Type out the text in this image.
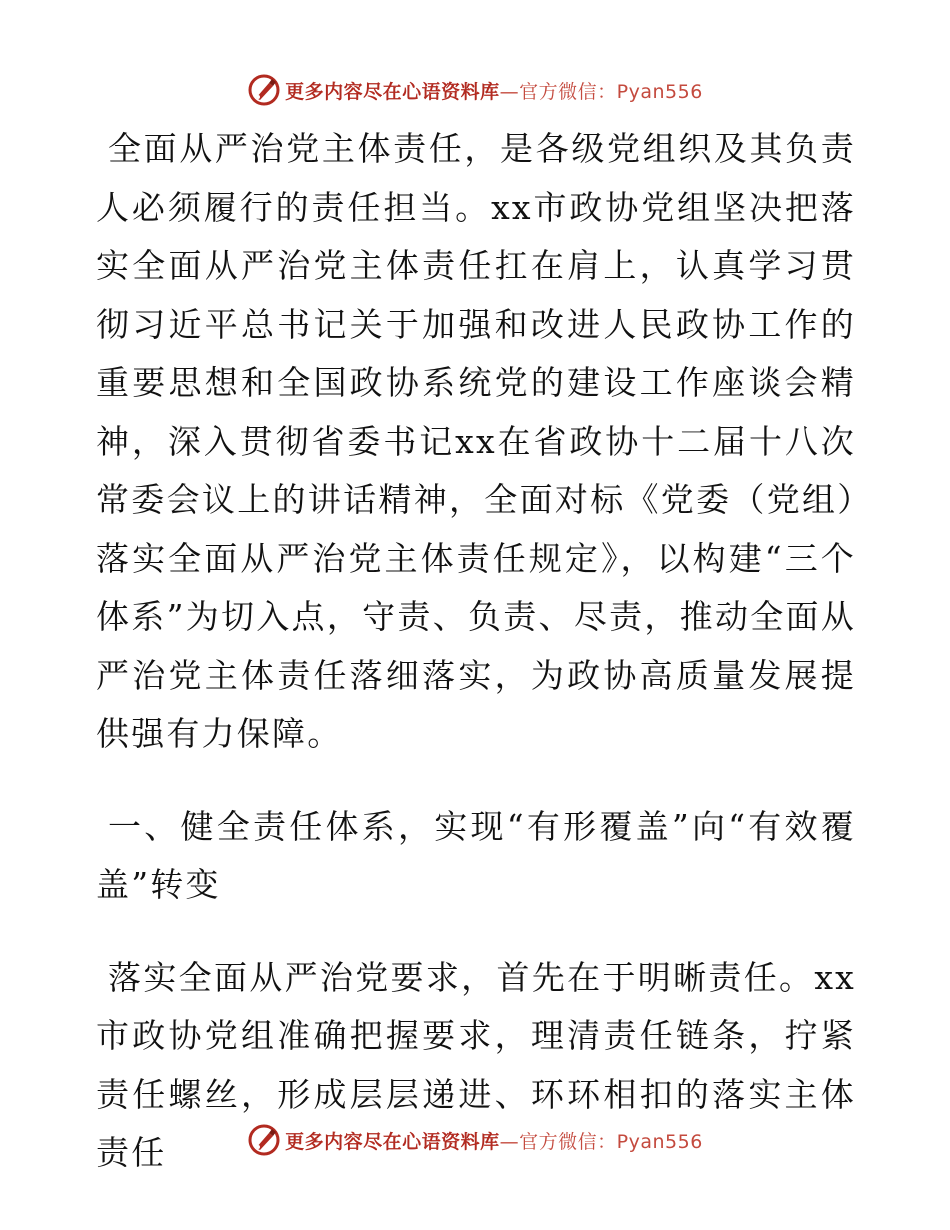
更多内容尽在心语资料库—官方微信：Pyan556

全面从严治党主体责任，是各级党组织及其负责人必须履行的责任担当。xx市政协党组坚决把落实全面从严治党主体责任扛在肩上，认真学习贯彻习近平总书记关于加强和改进人民政协工作的重要思想和全国政协系统党的建设工作座谈会精神，深入贯彻省委书记xx在省政协十二届十八次常委会议上的讲话精神，全面对标《党委（党组）落实全面从严治党主体责任规定》，以构建“三个体系”为切入点，守责、负责、尽责，推动全面从严治党主体责任落细落实，为政协高质量发展提供强有力保障。

一、健全责任体系，实现“有形覆盖”向“有效覆盖”转变

落实全面从严治党要求，首先在于明晰责任。xx市政协党组准确把握要求，理清责任链条，拧紧责任螺丝，形成层层递进、环环相扣的落实主体责任	更多内容尽在心语资料库—官方微信：Pyan556
